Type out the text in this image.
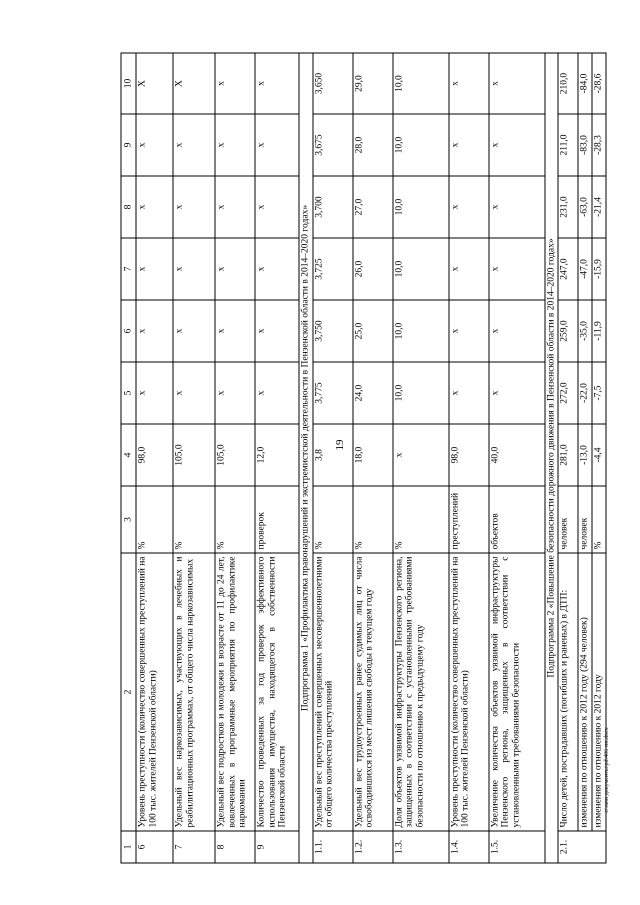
19
c:\мои документы\pd\406-пп.docx
1	2	3	4	5	6	7	8	9	10
6	Уровень преступности (количество совершенных преступлений на 100 тыс. жителей Пензенской области)	%	98,0	х	х	х	х	х	Х
7	Удельный вес наркозависимых, участвующих в лечебных и реабилитационных программах, от общего числа наркозависимых	%	105,0	х	х	х	х	х	Х
8	Удельный вес подростков и молодежи в возрасте от 11 до 24 лет, вовлеченных в программные мероприятия по профилактике наркомании	%	105,0	х	х	х	х	х	х
9	Количество проведенных за год проверок эффективного использования имущества, находящегося в собственности Пензенской области	проверок	12,0	х	х	х	х	х	х
Подпрограмма 1 «Профилактика правонарушений и экстремистской деятельности в Пензенской области в 2014–2020 годах»									
1.1.	Удельный вес преступлений совершенных несовершеннолетними от общего количества преступлений	%	3,8	3,775	3,750	3,725	3,700	3,675	3,650
1.2.	Удельный вес трудоустроенных ранее судимых лиц от числа освободившихся из мест лишения свободы в текущем году	%	18,0	24,0	25,0	26,0	27,0	28,0	29,0
1.3.	Доля объектов уязвимой инфраструктуры Пензенского региона, защищенных в соответствии с установленными требованиями безопасности по отношению к предыдущему году	%	х	10,0	10,0	10,0	10,0	10,0	10,0
1.4.	Уровень преступности (количество совершенных преступлений на 100 тыс. жителей Пензенской области)	преступлений	98,0	х	х	х	х	х	х
1.5.	Увеличение количества объектов уязвимой инфраструктуры Пензенского региона, защищенных в соответствии с установленными требованиями безопасности	объектов	40,0	х	х	х	х	х	х
Подпрограмма 2 «Повышение безопасности дорожного движения в Пензенской области в 2014–2020 годах»									
2.1.	Число детей, пострадавших (погибших и раненых) в ДТП:	человек	281,0	272,0	259,0	247,0	231,0	211,0	210,0
	изменения по отношению к 2012 году (294 человек)	человек	-13,0	-22,0	-35,0	-47,0	-63,0	-83,0	-84,0
	изменения по отношению к 2012 году	%	-4,4	-7,5	-11,9	-15,9	-21,4	-28,3	-28,6
